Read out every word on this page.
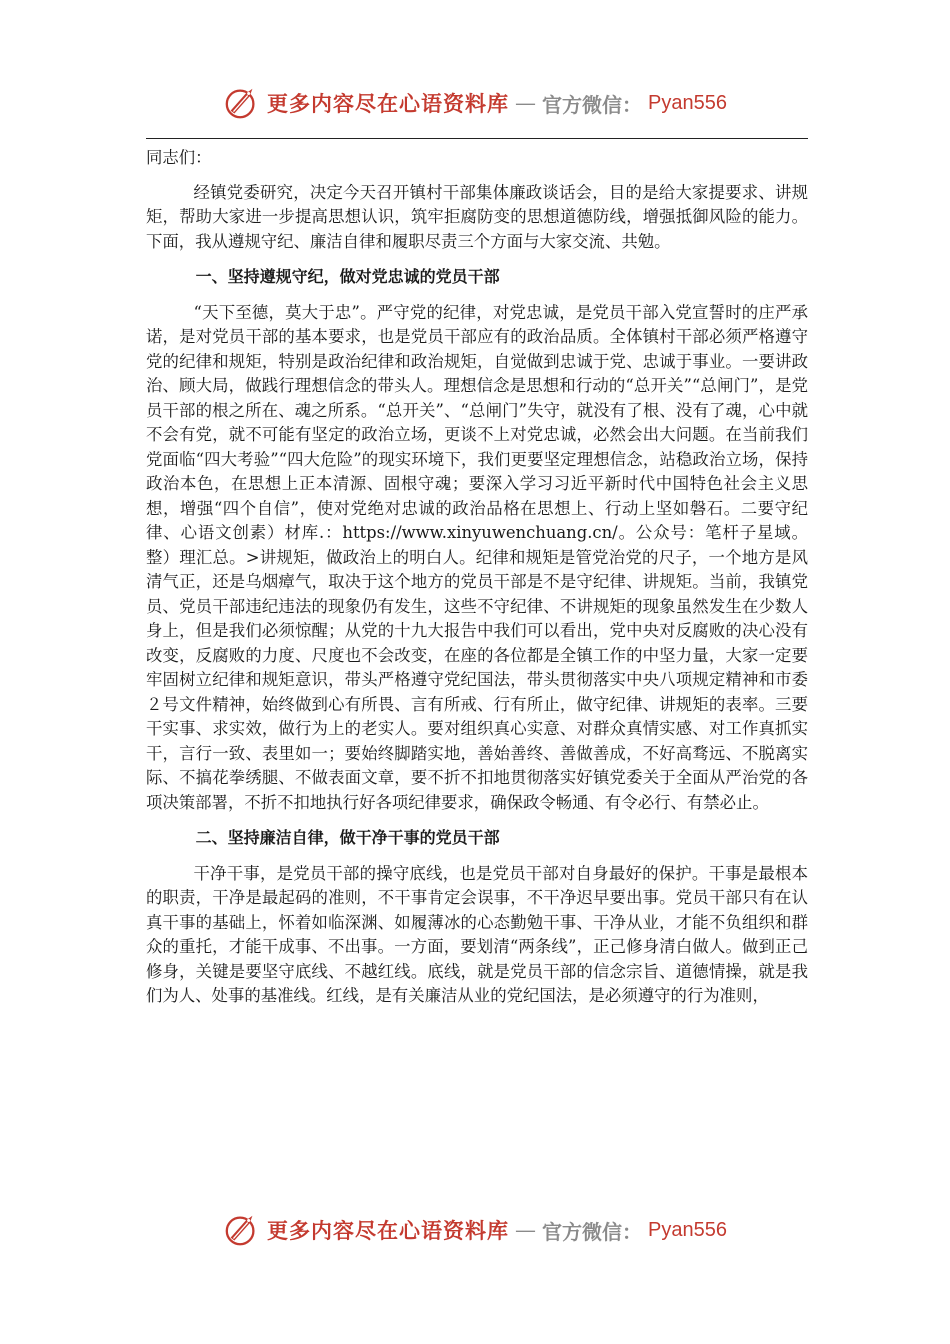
更多内容尽在心语资料库 — 官方微信： Pyan556

同志们：

经镇党委研究，决定今天召开镇村干部集体廉政谈话会，目的是给大家提要求、讲规矩，帮助大家进一步提高思想认识，筑牢拒腐防变的思想道德防线，增强抵御风险的能力。下面，我从遵规守纪、廉洁自律和履职尽责三个方面与大家交流、共勉。

一、坚持遵规守纪，做对党忠诚的党员干部

“天下至德，莫大于忠”。严守党的纪律，对党忠诚，是党员干部入党宣誓时的庄严承诺，是对党员干部的基本要求，也是党员干部应有的政治品质。全体镇村干部必须严格遵守党的纪律和规矩，特别是政治纪律和政治规矩，自觉做到忠诚于党、忠诚于事业。一要讲政治、顾大局，做践行理想信念的带头人。理想信念是思想和行动的“总开关”“总闸门”，是党员干部的根之所在、魂之所系。“总开关”、“总闸门”失守，就没有了根、没有了魂，心中就不会有党，就不可能有坚定的政治立场，更谈不上对党忠诚，必然会出大问题。在当前我们党面临“四大考验”“四大危险”的现实环境下，我们更要坚定理想信念，站稳政治立场，保持政治本色，在思想上正本清源、固根守魂；要深入学习习近平新时代中国特色社会主义思想，增强“四个自信”，使对党绝对忠诚的政治品格在思想上、行动上坚如磐石。二要守纪律、心语文创素）材库.：https://www.xinyuwenchuang.cn/。公众号：笔杆子星域。整）理汇总。>讲规矩，做政治上的明白人。纪律和规矩是管党治党的尺子，一个地方是风清气正，还是乌烟瘴气，取决于这个地方的党员干部是不是守纪律、讲规矩。当前，我镇党员、党员干部违纪违法的现象仍有发生，这些不守纪律、不讲规矩的现象虽然发生在少数人身上，但是我们必须惊醒；从党的十九大报告中我们可以看出，党中央对反腐败的决心没有改变，反腐败的力度、尺度也不会改变，在座的各位都是全镇工作的中坚力量，大家一定要牢固树立纪律和规矩意识，带头严格遵守党纪国法，带头贯彻落实中央八项规定精神和市委２号文件精神，始终做到心有所畏、言有所戒、行有所止，做守纪律、讲规矩的表率。三要干实事、求实效，做行为上的老实人。要对组织真心实意、对群众真情实感、对工作真抓实干，言行一致、表里如一；要始终脚踏实地，善始善终、善做善成，不好高骛远、不脱离实际、不搞花拳绣腿、不做表面文章，要不折不扣地贯彻落实好镇党委关于全面从严治党的各项决策部署，不折不扣地执行好各项纪律要求，确保政令畅通、有令必行、有禁必止。

二、坚持廉洁自律，做干净干事的党员干部

干净干事，是党员干部的操守底线，也是党员干部对自身最好的保护。干事是最根本的职责，干净是最起码的准则，不干事肯定会误事，不干净迟早要出事。党员干部只有在认真干事的基础上，怀着如临深渊、如履薄冰的心态勤勉干事、干净从业，才能不负组织和群众的重托，才能干成事、不出事。一方面，要划清“两条线”，正己修身清白做人。做到正己修身，关键是要坚守底线、不越红线。底线，就是党员干部的信念宗旨、道德情操，就是我们为人、处事的基准线。红线，是有关廉洁从业的党纪国法，是必须遵守的行为准则，

更多内容尽在心语资料库 — 官方微信： Pyan556
